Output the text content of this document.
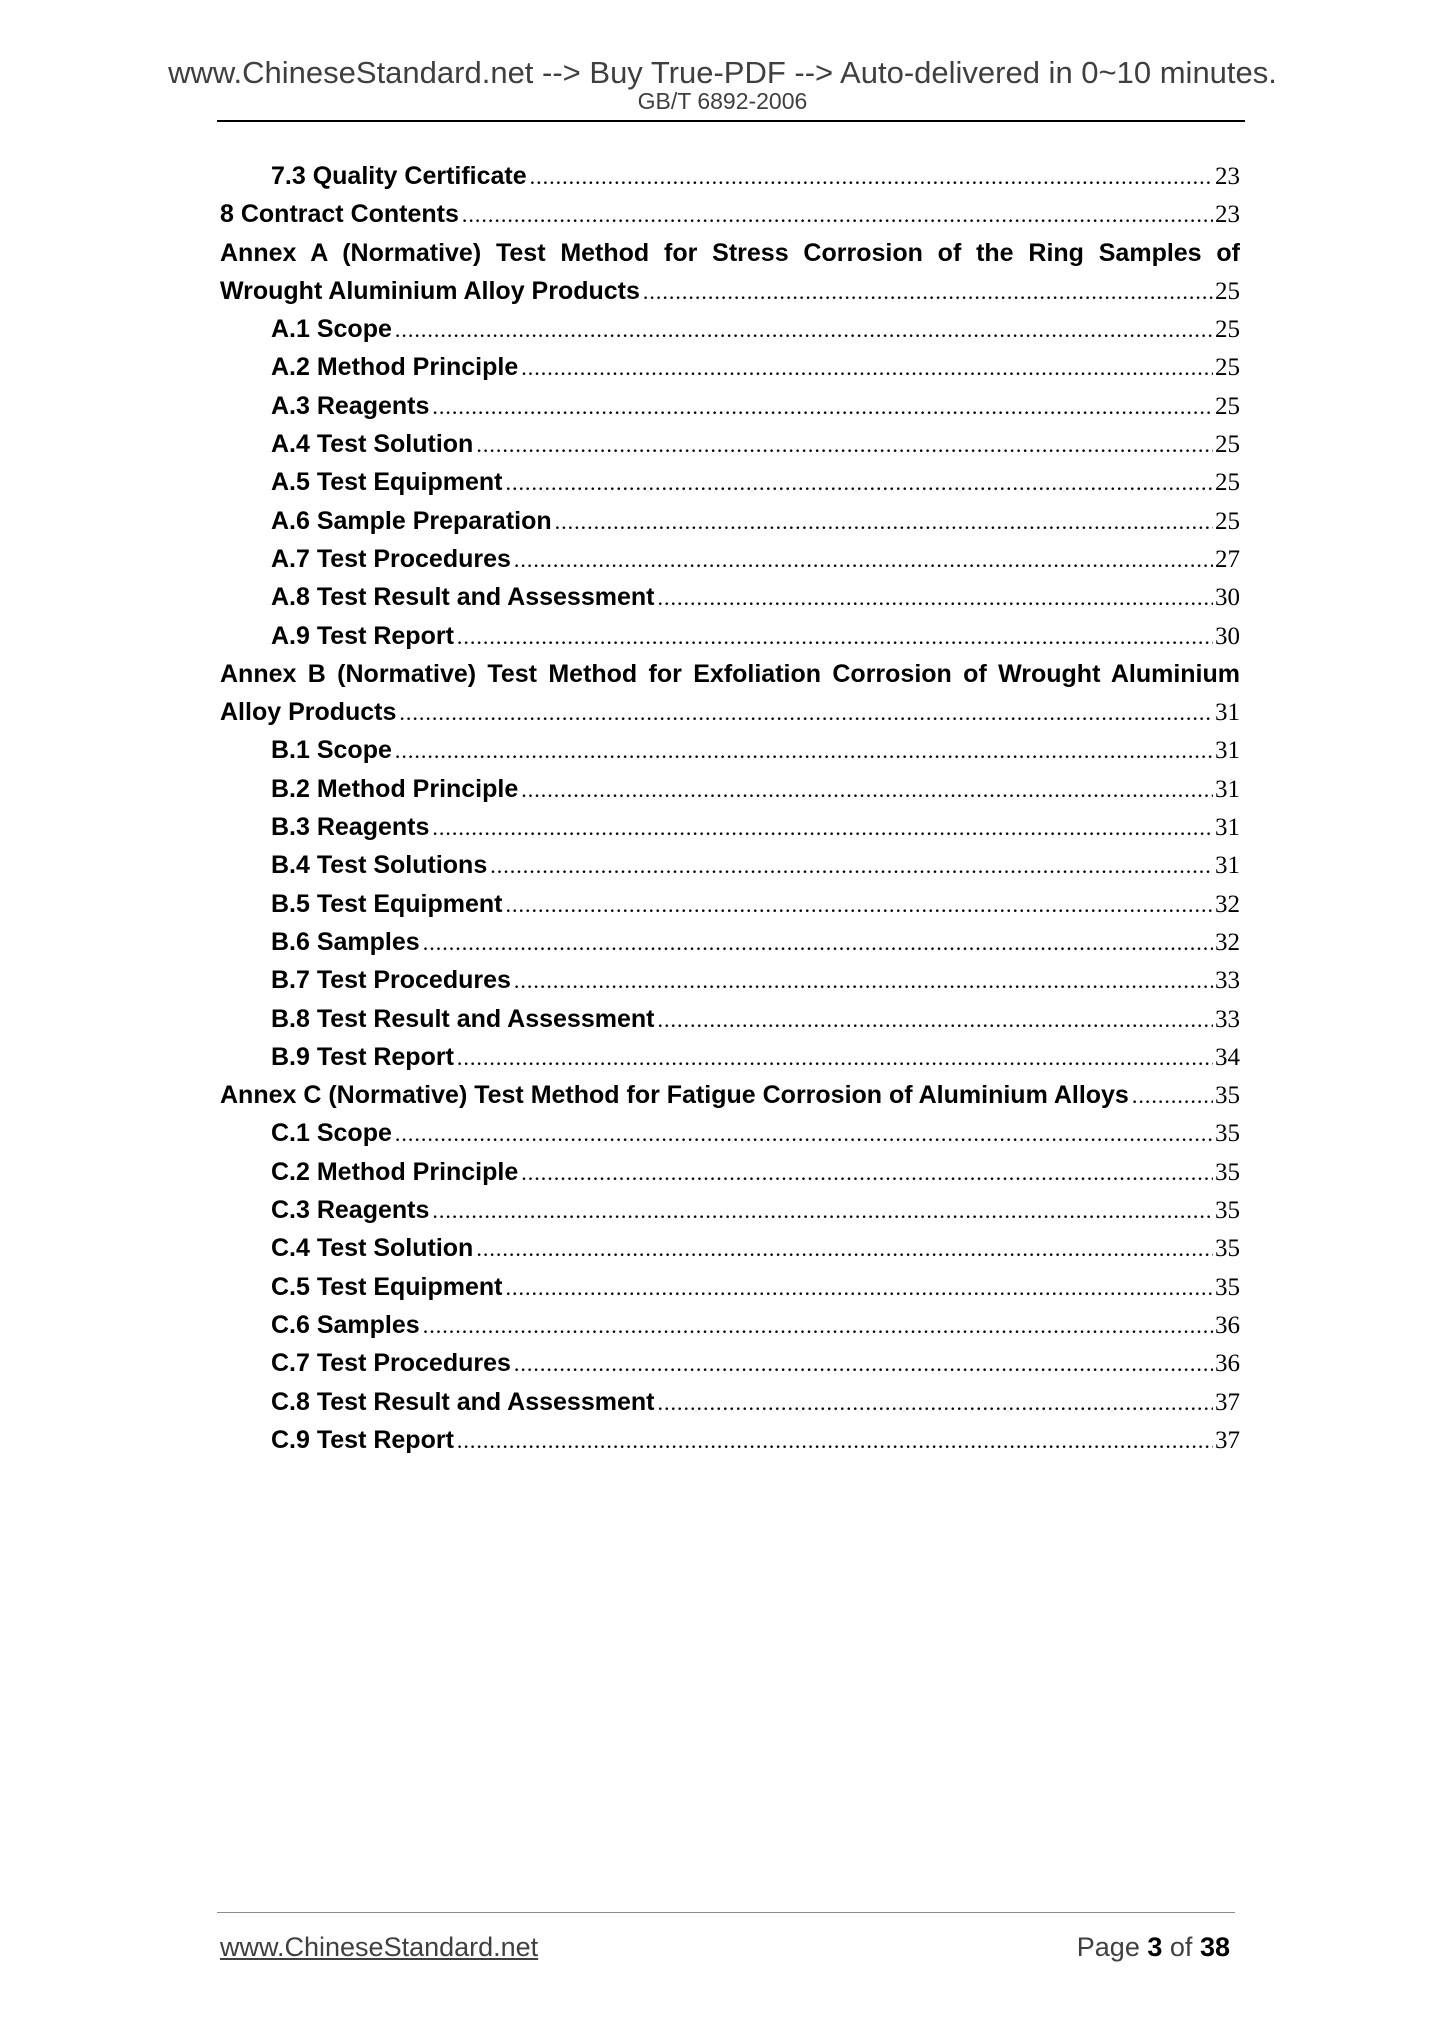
www.ChineseStandard.net --> Buy True-PDF --> Auto-delivered in 0~10 minutes.
GB/T 6892-2006
7.3 Quality Certificate .....	23
8 Contract Contents .....	23
Annex A (Normative) Test Method for Stress Corrosion of the Ring Samples of
Wrought Aluminium Alloy Products .....	25
A.1 Scope .....	25
A.2 Method Principle .....	25
A.3 Reagents .....	25
A.4 Test Solution .....	25
A.5 Test Equipment .....	25
A.6 Sample Preparation .....	25
A.7 Test Procedures .....	27
A.8 Test Result and Assessment .....	30
A.9 Test Report .....	30
Annex B (Normative) Test Method for Exfoliation Corrosion of Wrought Aluminium
Alloy Products .....	31
B.1 Scope .....	31
B.2 Method Principle .....	31
B.3 Reagents .....	31
B.4 Test Solutions .....	31
B.5 Test Equipment .....	32
B.6 Samples .....	32
B.7 Test Procedures .....	33
B.8 Test Result and Assessment .....	33
B.9 Test Report .....	34
Annex C (Normative) Test Method for Fatigue Corrosion of Aluminium Alloys .....	35
C.1 Scope .....	35
C.2 Method Principle .....	35
C.3 Reagents .....	35
C.4 Test Solution .....	35
C.5 Test Equipment .....	35
C.6 Samples .....	36
C.7 Test Procedures .....	36
C.8 Test Result and Assessment .....	37
C.9 Test Report .....	37
www.ChineseStandard.net	Page 3 of 38
